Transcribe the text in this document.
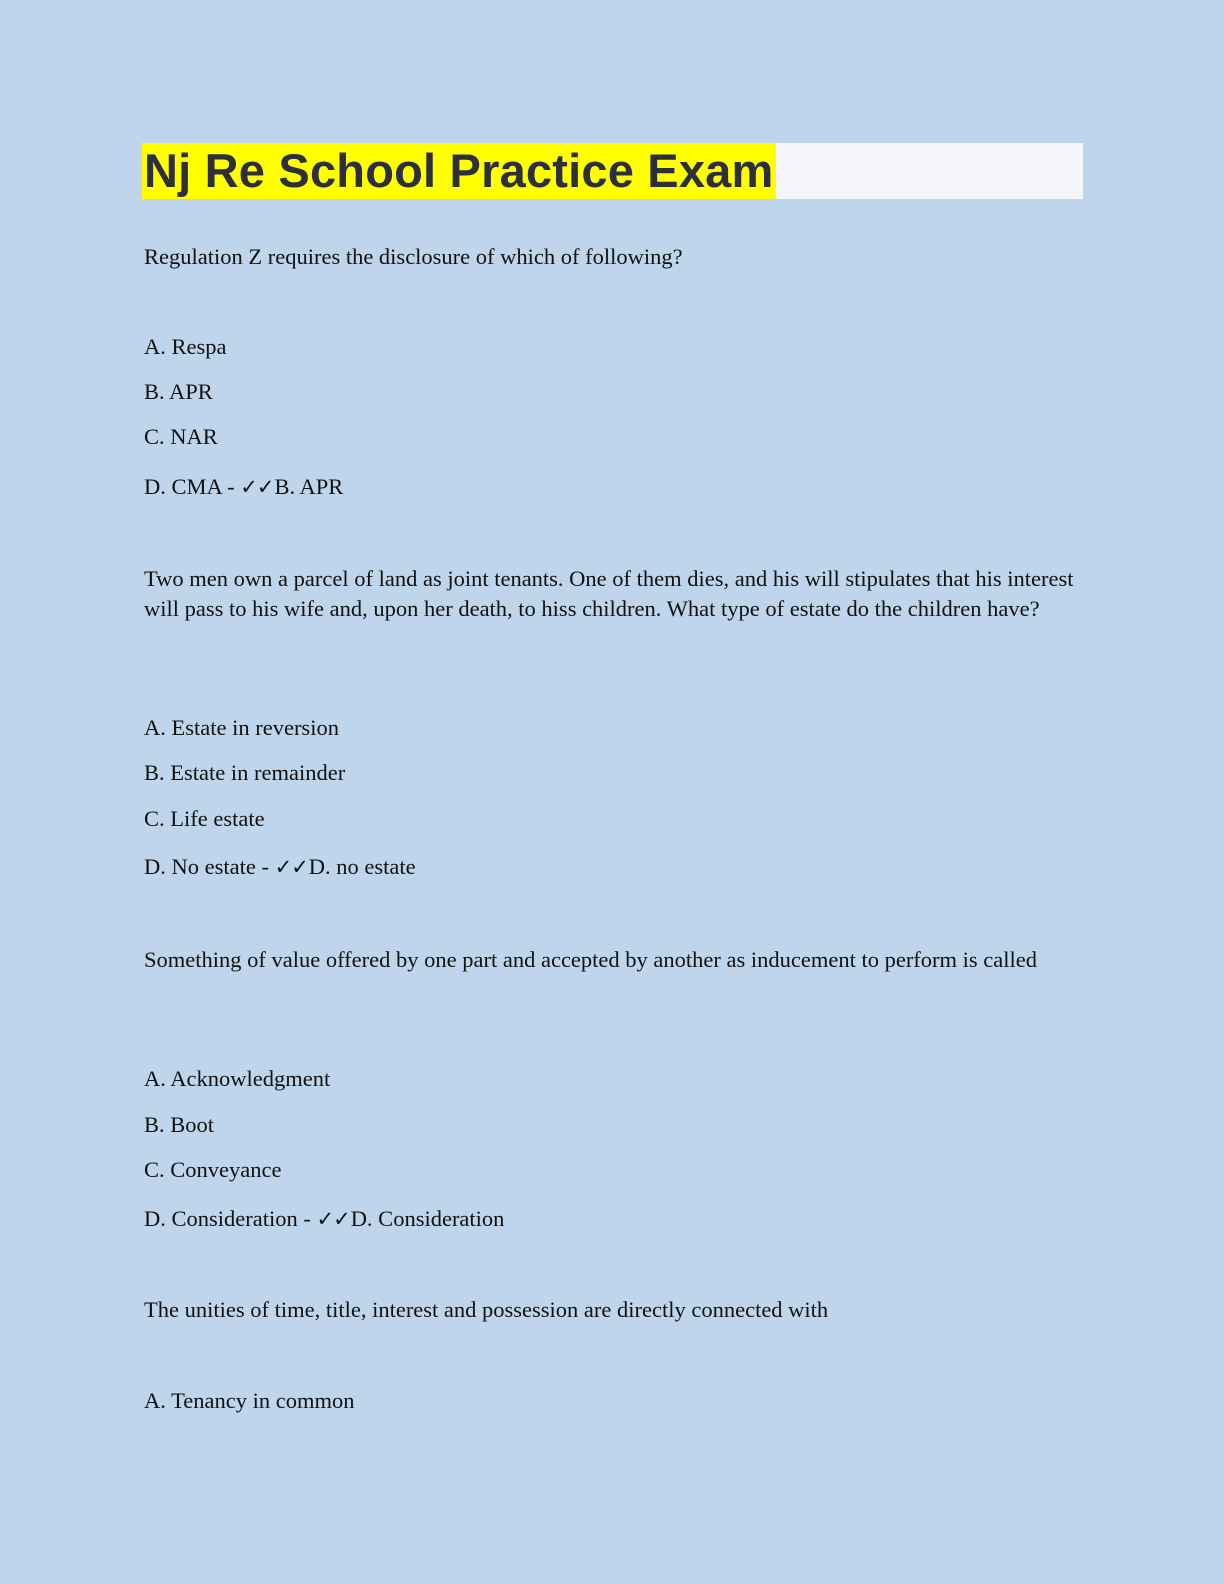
Nj Re School Practice Exam
Regulation Z requires the disclosure of which of following?
A. Respa
B. APR
C. NAR
D. CMA - ✓✓B. APR
Two men own a parcel of land as joint tenants. One of them dies, and his will stipulates that his interest will pass to his wife and, upon her death, to hiss children. What type of estate do the children have?
A. Estate in reversion
B. Estate in remainder
C. Life estate
D. No estate - ✓✓D. no estate
Something of value offered by one part and accepted by another as inducement to perform is called
A. Acknowledgment
B. Boot
C. Conveyance
D. Consideration - ✓✓D. Consideration
The unities of time, title, interest and possession are directly connected with
A. Tenancy in common
